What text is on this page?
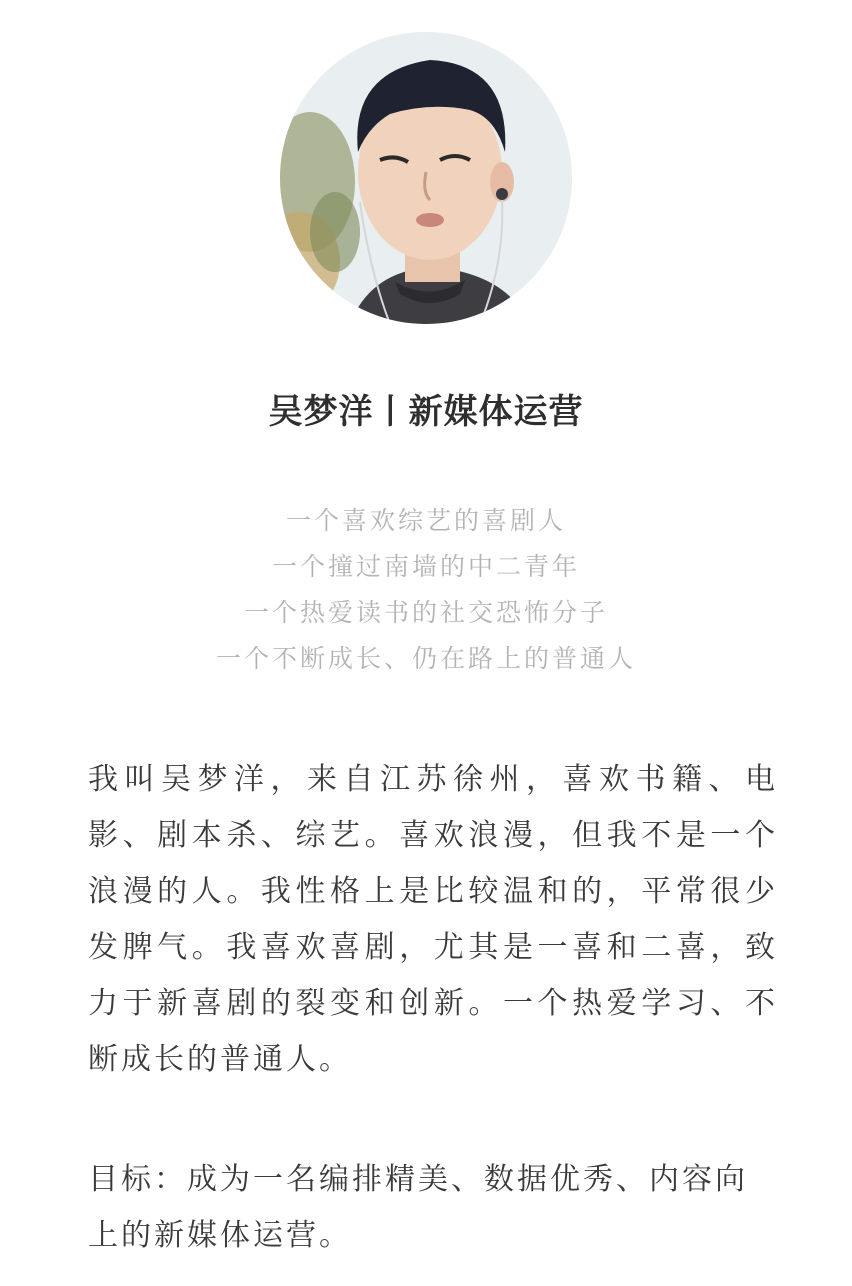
吴梦洋丨新媒体运营
一个喜欢综艺的喜剧人
一个撞过南墙的中二青年
一个热爱读书的社交恐怖分子
一个不断成长、仍在路上的普通人

我叫吴梦洋，来自江苏徐州，喜欢书籍、电影、剧本杀、综艺。喜欢浪漫，但我不是一个浪漫的人。我性格上是比较温和的，平常很少发脾气。我喜欢喜剧，尤其是一喜和二喜，致力于新喜剧的裂变和创新。一个热爱学习、不断成长的普通人。

目标：成为一名编排精美、数据优秀、内容向上的新媒体运营。
